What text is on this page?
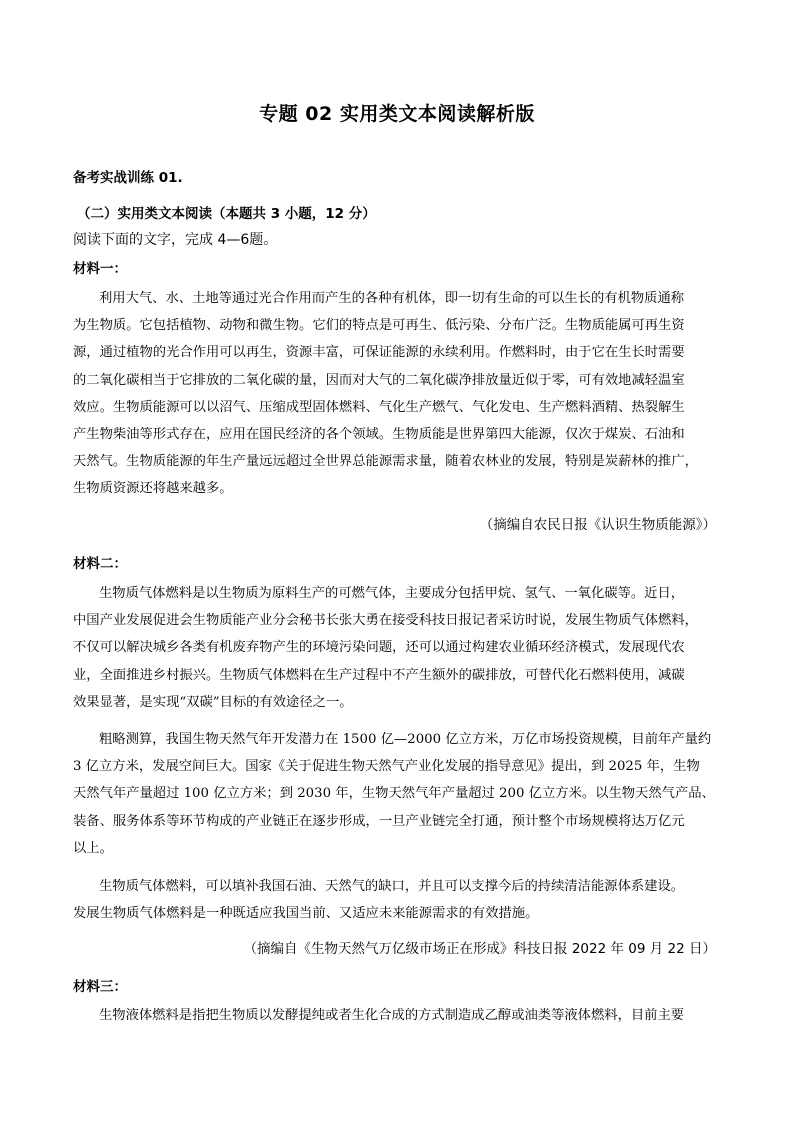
专题 02 实用类文本阅读解析版
备考实战训练 01.
（二）实用类文本阅读（本题共 3 小题，12 分）
阅读下面的文字，完成 4—6题。
材料一：
利用大气、水、土地等通过光合作用而产生的各种有机体，即一切有生命的可以生长的有机物质通称
为生物质。它包括植物、动物和微生物。它们的特点是可再生、低污染、分布广泛。生物质能属可再生资
源，通过植物的光合作用可以再生，资源丰富，可保证能源的永续利用。作燃料时，由于它在生长时需要
的二氧化碳相当于它排放的二氧化碳的量，因而对大气的二氧化碳净排放量近似于零，可有效地减轻温室
效应。生物质能源可以以沼气、压缩成型固体燃料、气化生产燃气、气化发电、生产燃料酒精、热裂解生
产生物柴油等形式存在，应用在国民经济的各个领域。生物质能是世界第四大能源，仅次于煤炭、石油和
天然气。生物质能源的年生产量远远超过全世界总能源需求量，随着农林业的发展，特别是炭薪林的推广，
生物质资源还将越来越多。
（摘编自农民日报《认识生物质能源》）
材料二：
生物质气体燃料是以生物质为原料生产的可燃气体，主要成分包括甲烷、氢气、一氧化碳等。近日，
中国产业发展促进会生物质能产业分会秘书长张大勇在接受科技日报记者采访时说，发展生物质气体燃料，
不仅可以解决城乡各类有机废弃物产生的环境污染问题，还可以通过构建农业循环经济模式，发展现代农
业，全面推进乡村振兴。生物质气体燃料在生产过程中不产生额外的碳排放，可替代化石燃料使用，减碳
效果显著，是实现“双碳”目标的有效途径之一。
粗略测算，我国生物天然气年开发潜力在 1500 亿—2000 亿立方米，万亿市场投资规模，目前年产量约
3 亿立方米，发展空间巨大。国家《关于促进生物天然气产业化发展的指导意见》提出，到 2025 年，生物
天然气年产量超过 100 亿立方米；到 2030 年，生物天然气年产量超过 200 亿立方米。以生物天然气产品、
装备、服务体系等环节构成的产业链正在逐步形成，一旦产业链完全打通，预计整个市场规模将达万亿元
以上。
生物质气体燃料，可以填补我国石油、天然气的缺口，并且可以支撑今后的持续清洁能源体系建设。
发展生物质气体燃料是一种既适应我国当前、又适应未来能源需求的有效措施。
（摘编自《生物天然气万亿级市场正在形成》科技日报 2022 年 09 月 22 日）
材料三：
生物液体燃料是指把生物质以发酵提纯或者生化合成的方式制造成乙醇或油类等液体燃料，目前主要
